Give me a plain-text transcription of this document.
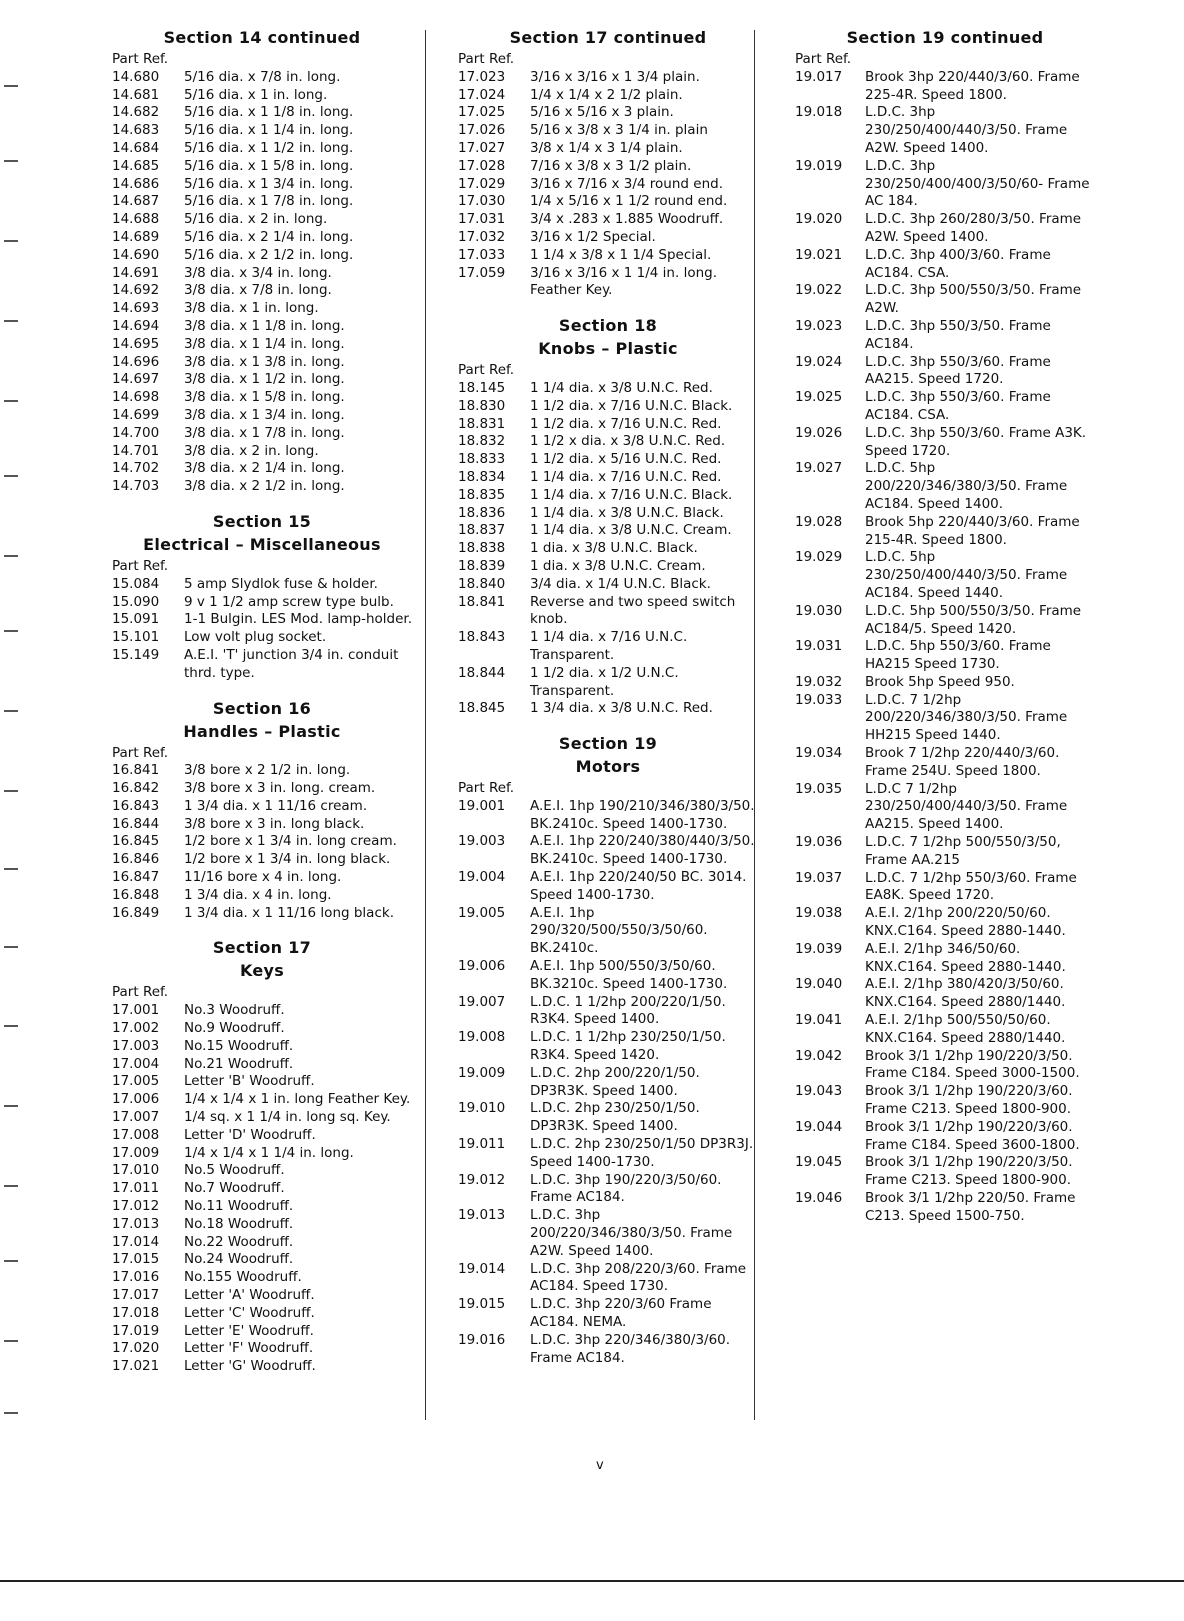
Section 14 continued
Part Ref.
14.680	5/16 dia. x 7/8 in. long.
14.681	5/16 dia. x 1 in. long.
14.682	5/16 dia. x 1 1/8 in. long.
14.683	5/16 dia. x 1 1/4 in. long.
14.684	5/16 dia. x 1 1/2 in. long.
14.685	5/16 dia. x 1 5/8 in. long.
14.686	5/16 dia. x 1 3/4 in. long.
14.687	5/16 dia. x 1 7/8 in. long.
14.688	5/16 dia. x 2 in. long.
14.689	5/16 dia. x 2 1/4 in. long.
14.690	5/16 dia. x 2 1/2 in. long.
14.691	3/8 dia. x 3/4 in. long.
14.692	3/8 dia. x 7/8 in. long.
14.693	3/8 dia. x 1 in. long.
14.694	3/8 dia. x 1 1/8 in. long.
14.695	3/8 dia. x 1 1/4 in. long.
14.696	3/8 dia. x 1 3/8 in. long.
14.697	3/8 dia. x 1 1/2 in. long.
14.698	3/8 dia. x 1 5/8 in. long.
14.699	3/8 dia. x 1 3/4 in. long.
14.700	3/8 dia. x 1 7/8 in. long.
14.701	3/8 dia. x 2 in. long.
14.702	3/8 dia. x 2 1/4 in. long.
14.703	3/8 dia. x 2 1/2 in. long.
Section 15
Electrical – Miscellaneous
Part Ref.
15.084	5 amp Slydlok fuse & holder.
15.090	9 v 1 1/2 amp screw type bulb.
15.091	1-1 Bulgin. LES Mod. lamp-holder.
15.101	Low volt plug socket.
15.149	A.E.I. 'T' junction 3/4 in. conduit thrd. type.
Section 16
Handles – Plastic
Part Ref.
16.841	3/8 bore x 2 1/2 in. long.
16.842	3/8 bore x 3 in. long. cream.
16.843	1 3/4 dia. x 1 11/16 cream.
16.844	3/8 bore x 3 in. long black.
16.845	1/2 bore x 1 3/4 in. long cream.
16.846	1/2 bore x 1 3/4 in. long black.
16.847	11/16 bore x 4 in. long.
16.848	1 3/4 dia. x 4 in. long.
16.849	1 3/4 dia. x 1 11/16 long black.
Section 17
Keys
Part Ref.
17.001	No.3 Woodruff.
17.002	No.9 Woodruff.
17.003	No.15 Woodruff.
17.004	No.21 Woodruff.
17.005	Letter 'B' Woodruff.
17.006	1/4 x 1/4 x 1 in. long Feather Key.
17.007	1/4 sq. x 1 1/4 in. long sq. Key.
17.008	Letter 'D' Woodruff.
17.009	1/4 x 1/4 x 1 1/4 in. long.
17.010	No.5 Woodruff.
17.011	No.7 Woodruff.
17.012	No.11 Woodruff.
17.013	No.18 Woodruff.
17.014	No.22 Woodruff.
17.015	No.24 Woodruff.
17.016	No.155 Woodruff.
17.017	Letter 'A' Woodruff.
17.018	Letter 'C' Woodruff.
17.019	Letter 'E' Woodruff.
17.020	Letter 'F' Woodruff.
17.021	Letter 'G' Woodruff.
Section 17 continued
Part Ref.
17.023	3/16 x 3/16 x 1 3/4 plain.
17.024	1/4 x 1/4 x 2 1/2 plain.
17.025	5/16 x 5/16 x 3 plain.
17.026	5/16 x 3/8 x 3 1/4 in. plain
17.027	3/8 x 1/4 x 3 1/4 plain.
17.028	7/16 x 3/8 x 3 1/2 plain.
17.029	3/16 x 7/16 x 3/4 round end.
17.030	1/4 x 5/16 x 1 1/2 round end.
17.031	3/4 x .283 x 1.885 Woodruff.
17.032	3/16 x 1/2 Special.
17.033	1 1/4 x 3/8 x 1 1/4 Special.
17.059	3/16 x 3/16 x 1 1/4 in. long. Feather Key.
Section 18
Knobs – Plastic
Part Ref.
18.145	1 1/4 dia. x 3/8 U.N.C. Red.
18.830	1 1/2 dia. x 7/16 U.N.C. Black.
18.831	1 1/2 dia. x 7/16 U.N.C. Red.
18.832	1 1/2 x dia. x 3/8 U.N.C. Red.
18.833	1 1/2 dia. x 5/16 U.N.C. Red.
18.834	1 1/4 dia. x 7/16 U.N.C. Red.
18.835	1 1/4 dia. x 7/16 U.N.C. Black.
18.836	1 1/4 dia. x 3/8 U.N.C. Black.
18.837	1 1/4 dia. x 3/8 U.N.C. Cream.
18.838	1 dia. x 3/8 U.N.C. Black.
18.839	1 dia. x 3/8 U.N.C. Cream.
18.840	3/4 dia. x 1/4 U.N.C. Black.
18.841	Reverse and two speed switch knob.
18.843	1 1/4 dia. x 7/16 U.N.C. Transparent.
18.844	1 1/2 dia. x 1/2 U.N.C. Transparent.
18.845	1 3/4 dia. x 3/8 U.N.C. Red.
Section 19
Motors
Part Ref.
19.001	A.E.I. 1hp 190/210/346/380/3/50. BK.2410c. Speed 1400-1730.
19.003	A.E.I. 1hp 220/240/380/440/3/50. BK.2410c. Speed 1400-1730.
19.004	A.E.I. 1hp 220/240/50 BC. 3014. Speed 1400-1730.
19.005	A.E.I. 1hp 290/320/500/550/3/50/60. BK.2410c.
19.006	A.E.I. 1hp 500/550/3/50/60. BK.3210c. Speed 1400-1730.
19.007	L.D.C. 1 1/2hp 200/220/1/50. R3K4. Speed 1400.
19.008	L.D.C. 1 1/2hp 230/250/1/50. R3K4. Speed 1420.
19.009	L.D.C. 2hp 200/220/1/50. DP3R3K. Speed 1400.
19.010	L.D.C. 2hp 230/250/1/50. DP3R3K. Speed 1400.
19.011	L.D.C. 2hp 230/250/1/50 DP3R3J. Speed 1400-1730.
19.012	L.D.C. 3hp 190/220/3/50/60. Frame AC184.
19.013	L.D.C. 3hp 200/220/346/380/3/50. Frame A2W. Speed 1400.
19.014	L.D.C. 3hp 208/220/3/60. Frame AC184. Speed 1730.
19.015	L.D.C. 3hp 220/3/60 Frame AC184. NEMA.
19.016	L.D.C. 3hp 220/346/380/3/60. Frame AC184.
Section 19 continued
Part Ref.
19.017	Brook 3hp 220/440/3/60. Frame 225-4R. Speed 1800.
19.018	L.D.C. 3hp 230/250/400/440/3/50. Frame A2W. Speed 1400.
19.019	L.D.C. 3hp 230/250/400/400/3/50/60- Frame AC 184.
19.020	L.D.C. 3hp 260/280/3/50. Frame A2W. Speed 1400.
19.021	L.D.C. 3hp 400/3/60. Frame AC184. CSA.
19.022	L.D.C. 3hp 500/550/3/50. Frame A2W.
19.023	L.D.C. 3hp 550/3/50. Frame AC184.
19.024	L.D.C. 3hp 550/3/60. Frame AA215. Speed 1720.
19.025	L.D.C. 3hp 550/3/60. Frame AC184. CSA.
19.026	L.D.C. 3hp 550/3/60. Frame A3K. Speed 1720.
19.027	L.D.C. 5hp 200/220/346/380/3/50. Frame AC184. Speed 1400.
19.028	Brook 5hp 220/440/3/60. Frame 215-4R. Speed 1800.
19.029	L.D.C. 5hp 230/250/400/440/3/50. Frame AC184. Speed 1440.
19.030	L.D.C. 5hp 500/550/3/50. Frame AC184/5. Speed 1420.
19.031	L.D.C. 5hp 550/3/60. Frame HA215 Speed 1730.
19.032	Brook 5hp Speed 950.
19.033	L.D.C. 7 1/2hp 200/220/346/380/3/50. Frame HH215 Speed 1440.
19.034	Brook 7 1/2hp 220/440/3/60. Frame 254U. Speed 1800.
19.035	L.D.C 7 1/2hp 230/250/400/440/3/50. Frame AA215. Speed 1400.
19.036	L.D.C. 7 1/2hp 500/550/3/50, Frame AA.215
19.037	L.D.C. 7 1/2hp 550/3/60. Frame EA8K. Speed 1720.
19.038	A.E.I. 2/1hp 200/220/50/60. KNX.C164. Speed 2880-1440.
19.039	A.E.I. 2/1hp 346/50/60. KNX.C164. Speed 2880-1440.
19.040	A.E.I. 2/1hp 380/420/3/50/60. KNX.C164. Speed 2880/1440.
19.041	A.E.I. 2/1hp 500/550/50/60. KNX.C164. Speed 2880/1440.
19.042	Brook 3/1 1/2hp 190/220/3/50. Frame C184. Speed 3000-1500.
19.043	Brook 3/1 1/2hp 190/220/3/60. Frame C213. Speed 1800-900.
19.044	Brook 3/1 1/2hp 190/220/3/60. Frame C184. Speed 3600-1800.
19.045	Brook 3/1 1/2hp 190/220/3/50. Frame C213. Speed 1800-900.
19.046	Brook 3/1 1/2hp 220/50. Frame C213. Speed 1500-750.
v
